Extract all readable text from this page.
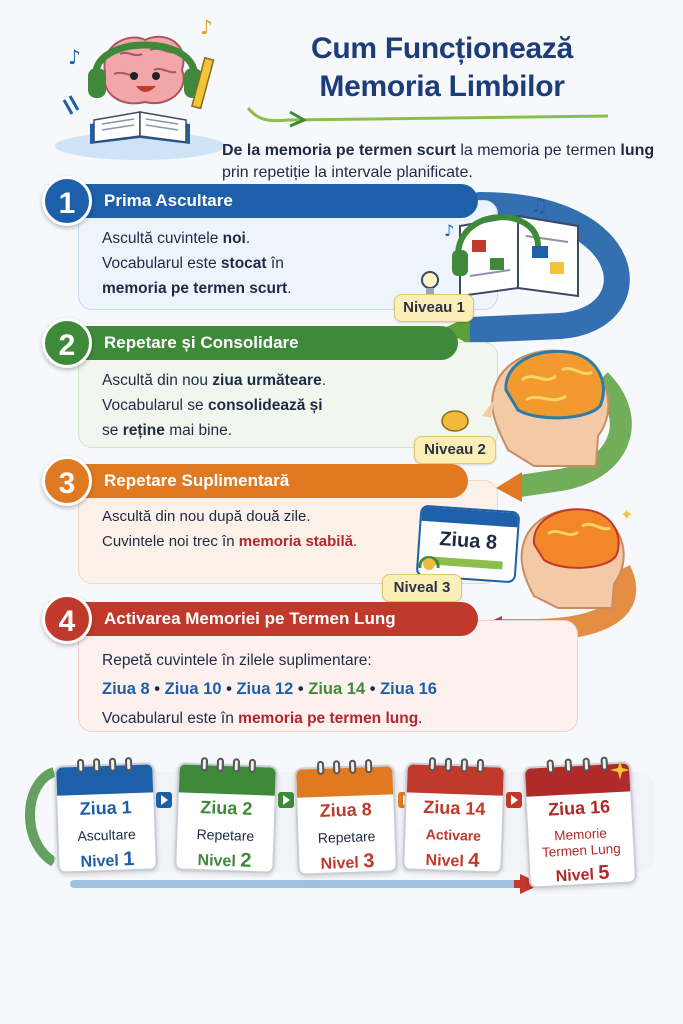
♪
♪
Cum Funcționează
Memoria Limbilor
De la memoria pe termen scurt la memoria pe termen lung prin repetiție la intervale planificate.
Prima Ascultare
1
Ascultă cuvintele noi.
Vocabularul este stocat în
memoria pe termen scurt.
♫
♪
Niveau 1
Repetare și Consolidare
2
Ascultă din nou ziua următeare.
Vocabularul se consolidează și
se reține mai bine.
Niveau 2
Repetare Suplimentară
3
Ascultă din nou după două zile.
Cuvintele noi trec în memoria stabilă.	Ziua 8
✦
Niveal 3
Activarea Memoriei pe Termen Lung
4
Repetă cuvintele în zilele suplimentare:
Ziua 8 • Ziua 10 • Ziua 12 • Ziua 14 • Ziua 16
Vocabularul este în memoria pe termen lung.
Ziua 1
Ascultare
Nivel 1
Ziua 2
Repetare
Nivel 2
Ziua 8
Repetare
Nivel 3
Ziua 14
Activare
Nivel 4
Ziua 16
Memorie
Termen Lung
Nivel 5
